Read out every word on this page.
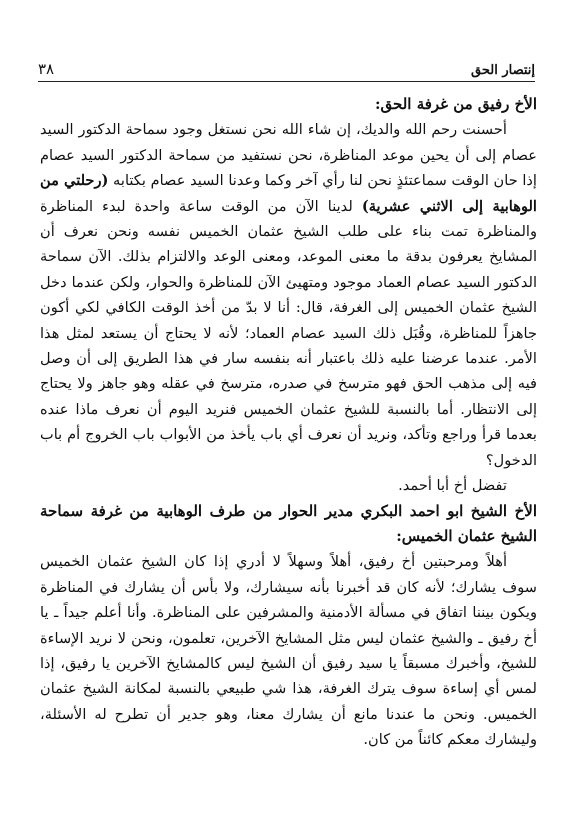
إنتصار الحق
٣٨

الأخ رفيق من غرفة الحق:

أحسنت رحم الله والديك، إن شاء الله نحن نستغل وجود سماحة الدكتور السيد عصام إلى أن يحين موعد المناظرة، نحن نستفيد من سماحة الدكتور السيد عصام إذا حان الوقت سماعتئذٍ نحن لنا رأي آخر وكما وعدنا السيد عصام بكتابه (رحلتي من الوهابية إلى الاثني عشرية) لدينا الآن من الوقت ساعة واحدة لبدء المناظرة والمناظرة تمت بناء على طلب الشيخ عثمان الخميس نفسه ونحن نعرف أن المشايخ يعرفون بدقة ما معنى الموعد، ومعنى الوعد والالتزام بذلك. الآن سماحة الدكتور السيد عصام العماد موجود ومتهيئ الآن للمناظرة والحوار، ولكن عندما دخل الشيخ عثمان الخميس إلى الغرفة، قال: أنا لا بدّ من أخذ الوقت الكافي لكي أكون جاهزاً للمناظرة، وقُبَل ذلك السيد عصام العماد؛ لأنه لا يحتاج أن يستعد لمثل هذا الأمر. عندما عرضنا عليه ذلك باعتبار أنه بنفسه سار في هذا الطريق إلى أن وصل فيه إلى مذهب الحق فهو مترسخ في صدره، مترسخ في عقله وهو جاهز ولا يحتاج إلى الانتظار. أما بالنسبة للشيخ عثمان الخميس فنريد اليوم أن نعرف ماذا عنده بعدما قرأ وراجع وتأكد، ونريد أن نعرف أي باب يأخذ من الأبواب باب الخروج أم باب الدخول؟

تفضل أخ أبا أحمد.

الأخ الشيخ ابو احمد البكري مدير الحوار من طرف الوهابية من غرفة سماحة الشيخ عثمان الخميس:

أهلاً ومرحبتين أخ رفيق، أهلاً وسهلاً لا أدري إذا كان الشيخ عثمان الخميس سوف يشارك؛ لأنه كان قد أخبرنا بأنه سيشارك، ولا بأس أن يشارك في المناظرة ويكون بيننا اتفاق في مسألة الأدمنية والمشرفين على المناظرة. وأنا أعلم جيداً ـ يا أخ رفيق ـ والشيخ عثمان ليس مثل المشايخ الآخرين، تعلمون، ونحن لا نريد الإساءة للشيخ، وأخبرك مسبقاً يا سيد رفيق أن الشيخ ليس كالمشايخ الآخرين يا رفيق، إذا لمس أي إساءة سوف يترك الغرفة، هذا شي طبيعي بالنسبة لمكانة الشيخ عثمان الخميس. ونحن ما عندنا مانع أن يشارك معنا، وهو جدير أن تطرح له الأسئلة، وليشارك معكم كائناً من كان.
